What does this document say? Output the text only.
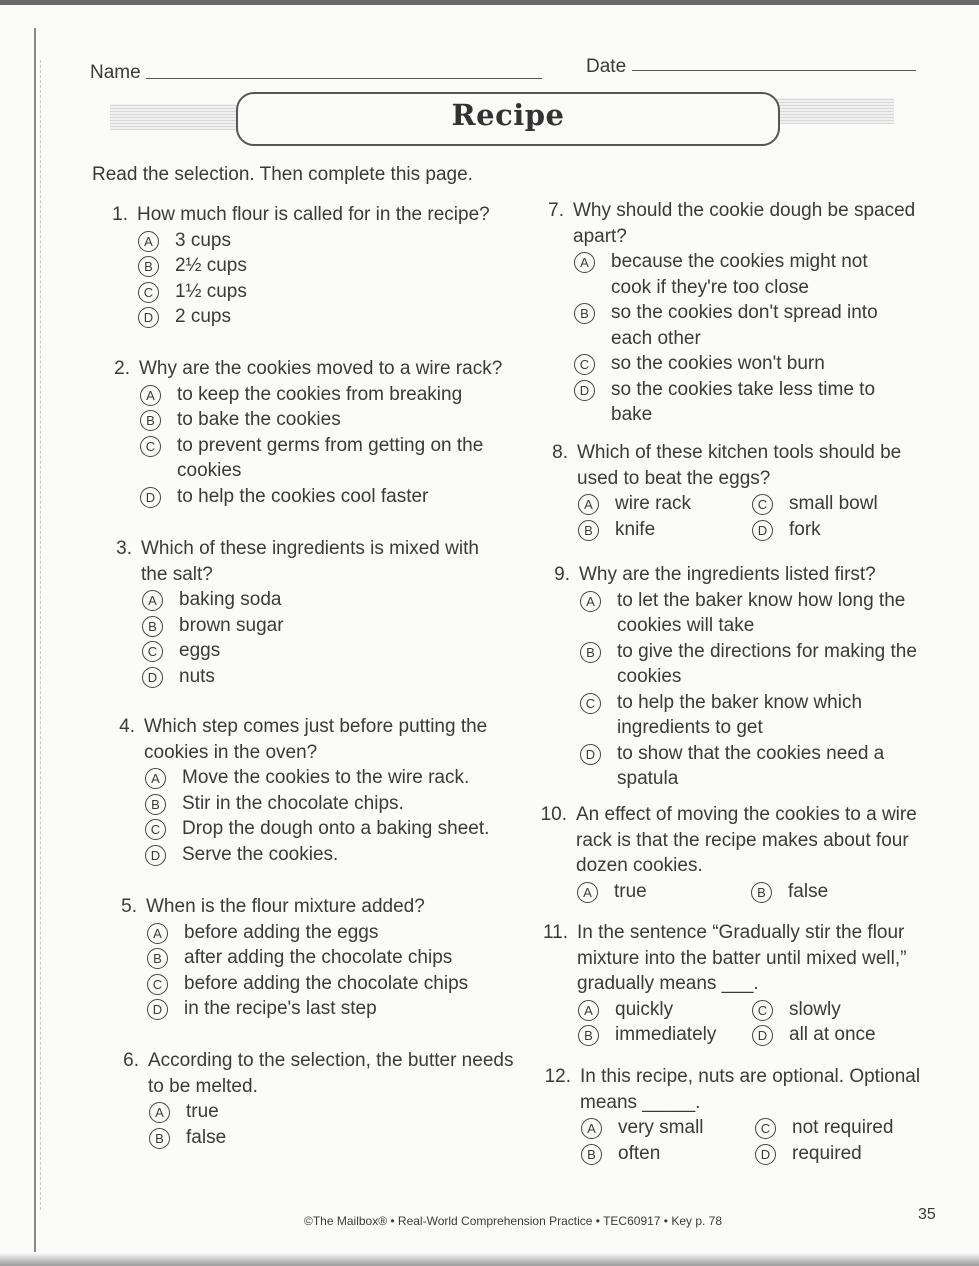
Name	Date
Recipe
Read the selection. Then complete this page.
1. How much flour is called for in the recipe?
A	3 cups
B	2½ cups
C	1½ cups
D	2 cups
2. Why are the cookies moved to a wire rack?
A	to keep the cookies from breaking
B	to bake the cookies
C	to prevent germs from getting on the cookies
D	to help the cookies cool faster
3. Which of these ingredients is mixed with the salt?
A	baking soda
B	brown sugar
C	eggs
D	nuts
4. Which step comes just before putting the cookies in the oven?
A	Move the cookies to the wire rack.
B	Stir in the chocolate chips.
C	Drop the dough onto a baking sheet.
D	Serve the cookies.
5. When is the flour mixture added?
A	before adding the eggs
B	after adding the chocolate chips
C	before adding the chocolate chips
D	in the recipe's last step
6. According to the selection, the butter needs to be melted.
A	true
B	false
7. Why should the cookie dough be spaced apart?
A	because the cookies might not cook if they're too close
B	so the cookies don't spread into each other
C	so the cookies won't burn
D	so the cookies take less time to bake
8. Which of these kitchen tools should be used to beat the eggs?
A	wire rack	C	small bowl
B	knife	D	fork
9. Why are the ingredients listed first?
A	to let the baker know how long the cookies will take
B	to give the directions for making the cookies
C	to help the baker know which ingredients to get
D	to show that the cookies need a spatula
10. An effect of moving the cookies to a wire rack is that the recipe makes about four dozen cookies.
A	true	B	false
11. In the sentence “Gradually stir the flour mixture into the batter until mixed well,” gradually means ___.
A	quickly	C	slowly
B	immediately	D	all at once
12. In this recipe, nuts are optional. Optional means _____.
A	very small	C	not required
B	often	D	required
©The Mailbox® • Real-World Comprehension Practice • TEC60917 • Key p. 78	35
